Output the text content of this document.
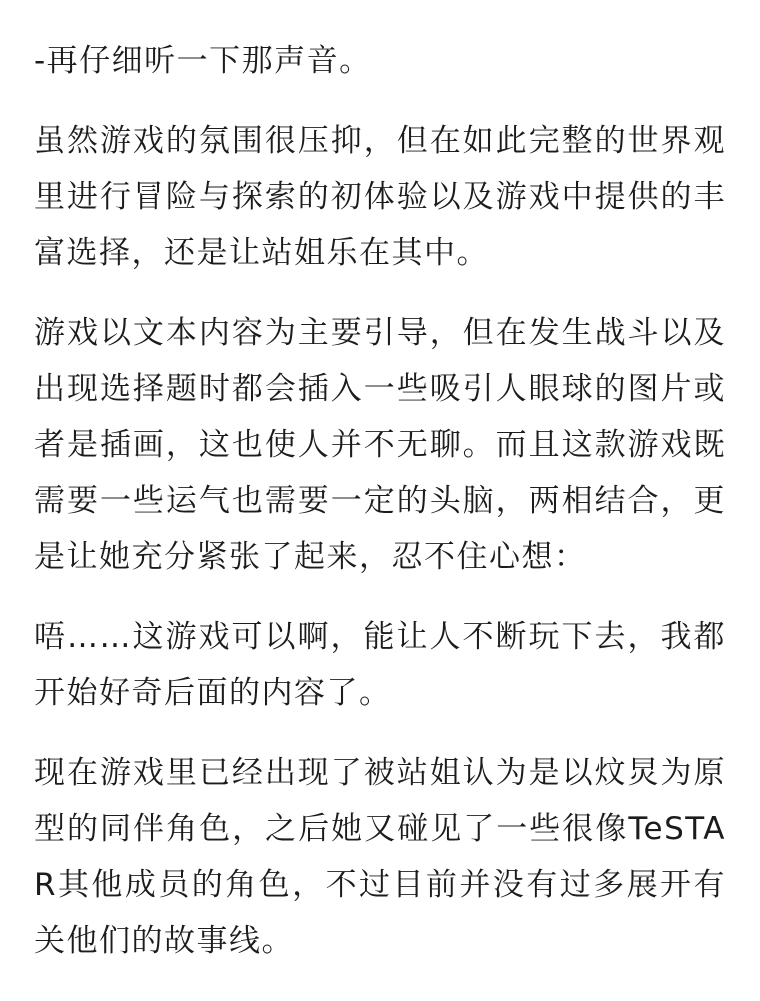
-再仔细听一下那声音。

虽然游戏的氛围很压抑，但在如此完整的世界观里进行冒险与探索的初体验以及游戏中提供的丰富选择，还是让站姐乐在其中。

游戏以文本内容为主要引导，但在发生战斗以及出现选择题时都会插入一些吸引人眼球的图片或者是插画，这也使人并不无聊。而且这款游戏既需要一些运气也需要一定的头脑，两相结合，更是让她充分紧张了起来，忍不住心想：

唔……这游戏可以啊，能让人不断玩下去，我都开始好奇后面的内容了。

现在游戏里已经出现了被站姐认为是以炆炅为原型的同伴角色，之后她又碰见了一些很像TeSTAR其他成员的角色，不过目前并没有过多展开有关他们的故事线。
